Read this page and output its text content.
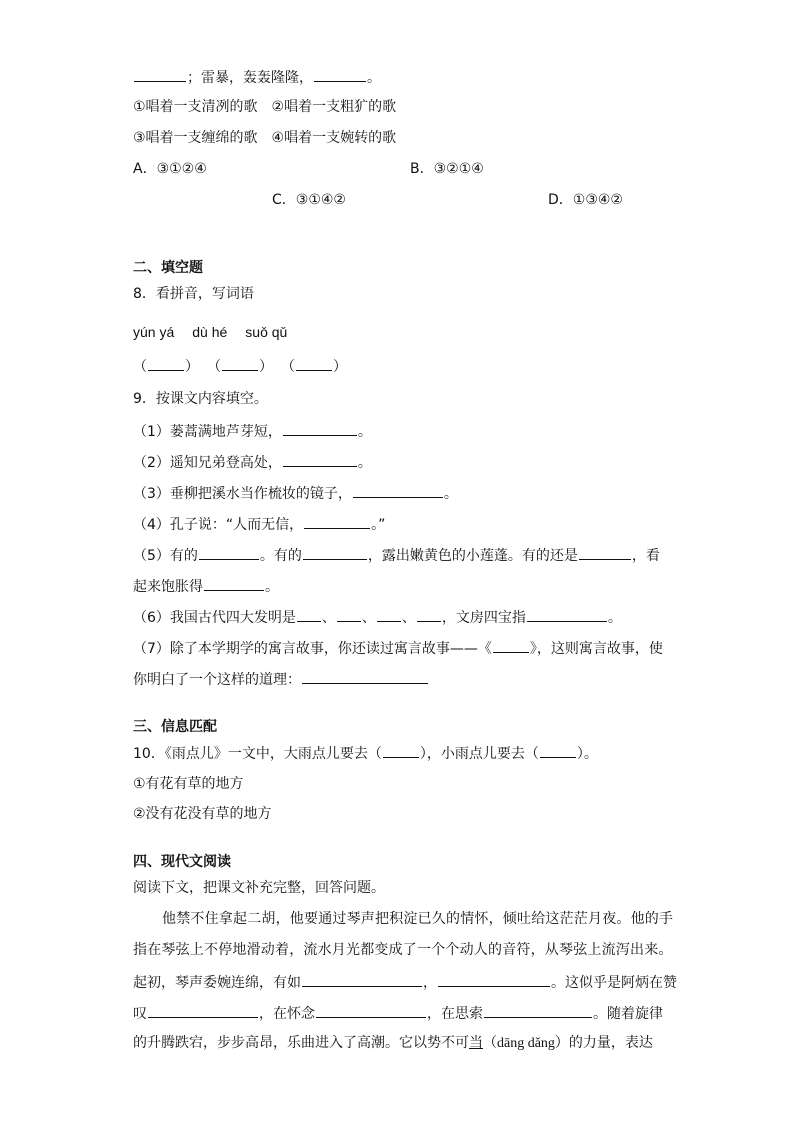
；雷暴，轰轰隆隆，	。
①唱着一支清冽的歌　②唱着一支粗犷的歌
③唱着一支缠绵的歌　④唱着一支婉转的歌
A．③①②④	B．③②①④
C．③①④②	D．①③④②
二、填空题
8．看拼音，写词语
yún yá dù hé suǒ qǔ
（	） （	） （	）
9．按课文内容填空。
（1）蒌蒿满地芦芽短，	。
（2）遥知兄弟登高处，	。
（3）垂柳把溪水当作梳妆的镜子，	。
（4）孔子说：“人而无信，	。”
（5）有的	。有的	，露出嫩黄色的小莲蓬。有的还是	，看
起来饱胀得	。
（6）我国古代四大发明是 、 、 、 ，文房四宝指	。
（7）除了本学期学的寓言故事，你还读过寓言故事——《	》，这则寓言故事，使
你明白了一个这样的道理：
三、信息匹配
10．《雨点儿》一文中，大雨点儿要去（	），小雨点儿要去（	）。
①有花有草的地方
②没有花没有草的地方
四、现代文阅读
阅读下文，把课文补充完整，回答问题。
他禁不住拿起二胡，他要通过琴声把积淀已久的情怀，倾吐给这茫茫月夜。他的手
指在琴弦上不停地滑动着，流水月光都变成了一个个动人的音符，从琴弦上流泻出来。
起初，琴声委婉连绵，有如	，	。这似乎是阿炳在赞
叹	，在怀念	，在思索	。随着旋律
的升腾跌宕，步步高昂，乐曲进入了高潮。它以势不可当（dāng dǎng）的力量，表达
